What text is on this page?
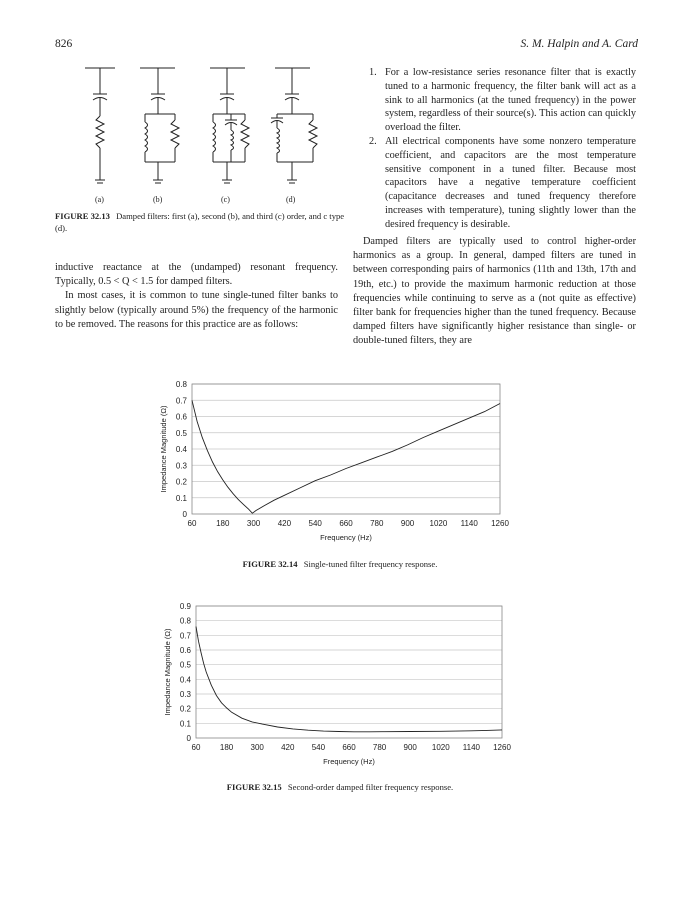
826	S. M. Halpin and A. Card
(a)	(b)	(c)	(d)
FIGURE 32.13 Damped filters: first (a), second (b), and third (c) order, and c type (d).

inductive reactance at the (undamped) resonant frequency. Typically, 0.5 < Q < 1.5 for damped filters.

In most cases, it is common to tune single-tuned filter banks to slightly below (typically around 5%) the frequency of the harmonic to be removed. The reasons for this practice are as follows:

1. For a low-resistance series resonance filter that is exactly tuned to a harmonic frequency, the filter bank will act as a sink to all harmonics (at the tuned frequency) in the power system, regardless of their source(s). This action can quickly overload the filter.
2. All electrical components have some nonzero temperature coefficient, and capacitors are the most temperature sensitive component in a tuned filter. Because most capacitors have a negative temperature coefficient (capacitance decreases and tuned frequency therefore increases with temperature), tuning slightly lower than the desired frequency is desirable.

Damped filters are typically used to control higher-order harmonics as a group. In general, damped filters are tuned in between corresponding pairs of harmonics (11th and 13th, 17th and 19th, etc.) to provide the maximum harmonic reduction at those frequencies while continuing to serve as a (not quite as effective) filter bank for frequencies higher than the tuned frequency. Because damped filters have significantly higher resistance than single- or double-tuned filters, they are

0
0.1
0.2
0.3
0.4
0.5
0.6
0.7
0.8
60 180 300 420 540 660 780 900 1020 1140 1260
Frequency (Hz)
Impedance Magnitude (Ω)
FIGURE 32.14 Single-tuned filter frequency response.
0
0.1
0.2
0.3
0.4
0.5
0.6
0.7
0.8
0.9
60 180 300 420 540 660 780 900 1020 1140 1260
Frequency (Hz)
Impedance Magnitude (Ω)
FIGURE 32.15 Second-order damped filter frequency response.
